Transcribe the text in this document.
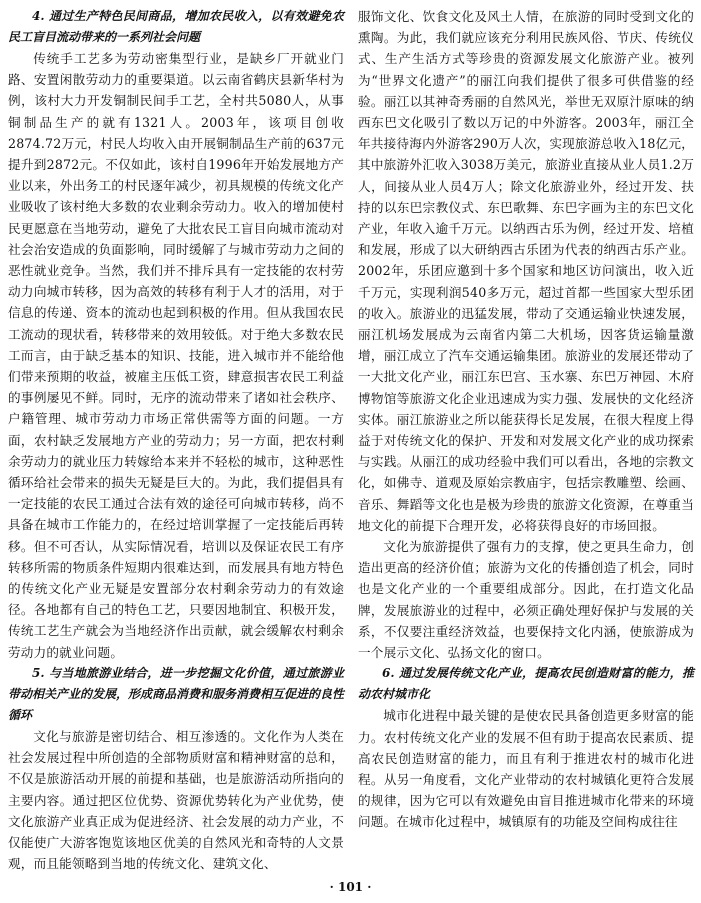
4. 通过生产特色民间商品，增加农民收入，以有效避免农民工盲目流动带来的一系列社会问题

传统手工艺多为劳动密集型行业，是缺乡厂开就业门路、安置闲散劳动力的重要渠道。以云南省鹤庆县新华村为例，该村大力开发铜制民间手工艺，全村共5080人，从事铜制品生产的就有1321人。2003年，该项目创收2874.72万元，村民人均收入由开展铜制品生产前的637元提升到2872元。不仅如此，该村自1996年开始发展地方产业以来，外出务工的村民逐年减少，初具规模的传统文化产业吸收了该村绝大多数的农业剩余劳动力。收入的增加使村民更愿意在当地劳动，避免了大批农民工盲目向城市流动对社会治安造成的负面影响，同时缓解了与城市劳动力之间的恶性就业竞争。当然，我们并不排斥具有一定技能的农村劳动力向城市转移，因为高效的转移有利于人才的活用，对于信息的传递、资本的流动也起到积极的作用。但从我国农民工流动的现状看，转移带来的效用较低。对于绝大多数农民工而言，由于缺乏基本的知识、技能，进入城市并不能给他们带来预期的收益，被雇主压低工资，肆意损害农民工利益的事例屡见不鲜。同时，无序的流动带来了诸如社会秩序、户籍管理、城市劳动力市场正常供需等方面的问题。一方面，农村缺乏发展地方产业的劳动力；另一方面，把农村剩余劳动力的就业压力转嫁给本来并不轻松的城市，这种恶性循环给社会带来的损失无疑是巨大的。为此，我们提倡具有一定技能的农民工通过合法有效的途径可向城市转移，尚不具备在城市工作能力的，在经过培训掌握了一定技能后再转移。但不可否认，从实际情况看，培训以及保证农民工有序转移所需的物质条件短期内很难达到，而发展具有地方特色的传统文化产业无疑是安置部分农村剩余劳动力的有效途径。各地都有自己的特色工艺，只要因地制宜、积极开发，传统工艺生产就会为当地经济作出贡献，就会缓解农村剩余劳动力的就业问题。

5. 与当地旅游业结合，进一步挖掘文化价值，通过旅游业带动相关产业的发展，形成商品消费和服务消费相互促进的良性循环

文化与旅游是密切结合、相互渗透的。文化作为人类在社会发展过程中所创造的全部物质财富和精神财富的总和，不仅是旅游活动开展的前提和基础，也是旅游活动所指向的主要内容。通过把区位优势、资源优势转化为产业优势，使文化旅游产业真正成为促进经济、社会发展的动力产业，不仅能使广大游客饱览该地区优美的自然风光和奇特的人文景观，而且能领略到当地的传统文化、建筑文化、

服饰文化、饮食文化及风土人情，在旅游的同时受到文化的熏陶。为此，我们就应该充分利用民族风俗、节庆、传统仪式、生产生活方式等珍贵的资源发展文化旅游产业。被列为“世界文化遗产”的丽江向我们提供了很多可供借鉴的经验。丽江以其神奇秀丽的自然风光，举世无双原汁原味的纳西东巴文化吸引了数以万记的中外游客。2003年，丽江全年共接待海内外游客290万人次，实现旅游总收入18亿元，其中旅游外汇收入3038万美元，旅游业直接从业人员1.2万人，间接从业人员4万人；除文化旅游业外，经过开发、扶持的以东巴宗教仪式、东巴歌舞、东巴字画为主的东巴文化产业，年收入逾千万元。以纳西古乐为例，经过开发、培植和发展，形成了以大研纳西古乐团为代表的纳西古乐产业。2002年，乐团应邀到十多个国家和地区访问演出，收入近千万元，实现利润540多万元，超过首都一些国家大型乐团的收入。旅游业的迅猛发展，带动了交通运输业快速发展，丽江机场发展成为云南省内第二大机场，因客货运输量激增，丽江成立了汽车交通运输集团。旅游业的发展还带动了一大批文化产业，丽江东巴宫、玉水寨、东巴万神园、木府博物馆等旅游文化企业迅速成为实力强、发展快的文化经济实体。丽江旅游业之所以能获得长足发展，在很大程度上得益于对传统文化的保护、开发和对发展文化产业的成功探索与实践。从丽江的成功经验中我们可以看出，各地的宗教文化，如佛寺、道观及原始宗教庙宇，包括宗教雕塑、绘画、音乐、舞蹈等文化也是极为珍贵的旅游文化资源，在尊重当地文化的前提下合理开发，必将获得良好的市场回报。

文化为旅游提供了强有力的支撑，使之更具生命力，创造出更高的经济价值；旅游为文化的传播创造了机会，同时也是文化产业的一个重要组成部分。因此，在打造文化品牌，发展旅游业的过程中，必须正确处理好保护与发展的关系，不仅要注重经济效益，也要保持文化内涵，使旅游成为一个展示文化、弘扬文化的窗口。

6. 通过发展传统文化产业，提高农民创造财富的能力，推动农村城市化

城市化进程中最关键的是使农民具备创造更多财富的能力。农村传统文化产业的发展不但有助于提高农民素质、提高农民创造财富的能力，而且有利于推进农村的城市化进程。从另一角度看，文化产业带动的农村城镇化更符合发展的规律，因为它可以有效避免由盲目推进城市化带来的环境问题。在城市化过程中，城镇原有的功能及空间构成往往

· 101 ·
